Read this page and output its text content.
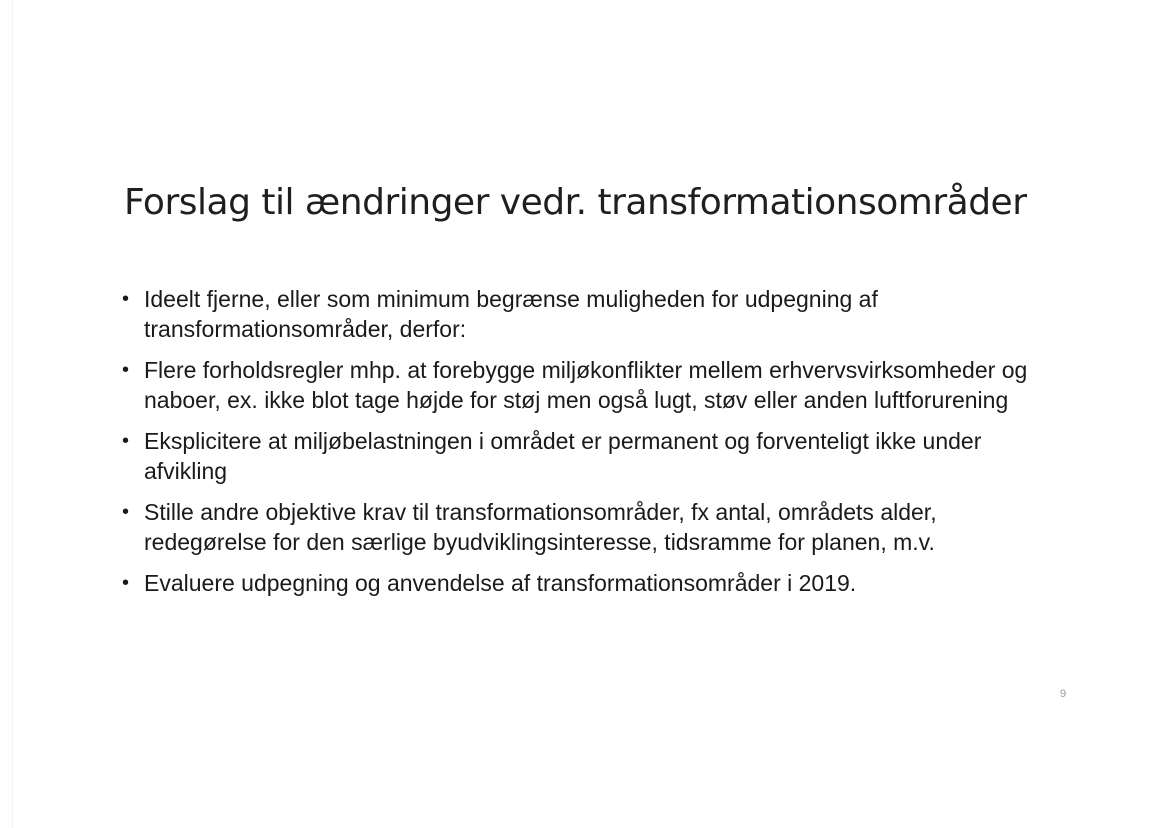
Forslag til ændringer vedr. transformationsområder
• Ideelt fjerne, eller som minimum begrænse muligheden for udpegning af transformationsområder, derfor:
• Flere forholdsregler mhp. at forebygge miljøkonflikter mellem erhvervsvirksomheder og naboer, ex. ikke blot tage højde for støj men også lugt, støv eller anden luftforurening
• Eksplicitere at miljøbelastningen i området er permanent og forventeligt ikke under afvikling
• Stille andre objektive krav til transformationsområder, fx antal, områdets alder, redegørelse for den særlige byudviklingsinteresse, tidsramme for planen, m.v.
• Evaluere udpegning og anvendelse af transformationsområder i 2019.
9
